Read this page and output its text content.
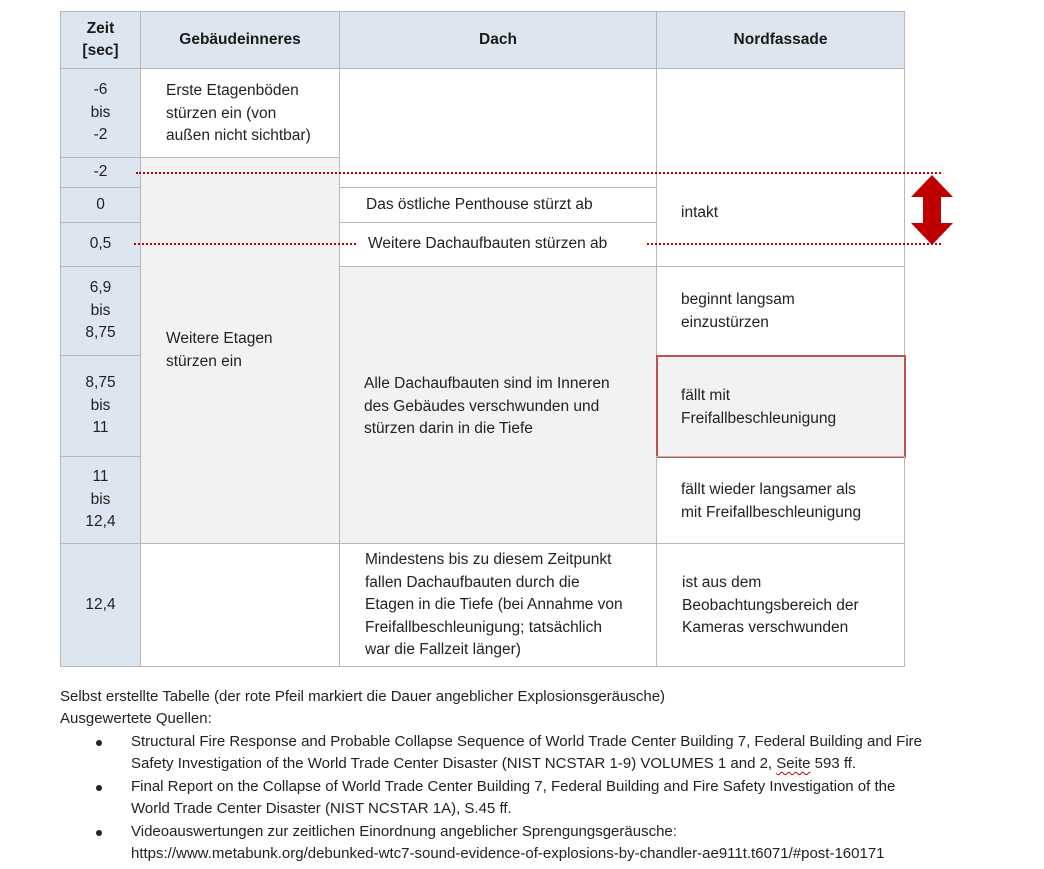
Zeit
[sec]
Gebäudeinneres	Dach	Nordfassade
-6
bis
-2
-2
0
0,5
6,9
bis
8,75
8,75
bis
11
11
bis
12,4
12,4
Erste Etagenböden
stürzen ein (von
außen nicht sichtbar)
Weitere Etagen
stürzen ein
Das östliche Penthouse stürzt ab
Alle Dachaufbauten sind im Inneren
des Gebäudes verschwunden und
stürzen darin in die Tiefe
Mindestens bis zu diesem Zeitpunkt
fallen Dachaufbauten durch die
Etagen in die Tiefe (bei Annahme von
Freifallbeschleunigung; tatsächlich
war die Fallzeit länger)
intakt
beginnt langsam
einzustürzen
fällt mit
Freifallbeschleunigung
fällt wieder langsamer als
mit Freifallbeschleunigung
ist aus dem
Beobachtungsbereich der
Kameras verschwunden
Weitere Dachaufbauten stürzen ab
Selbst erstellte Tabelle (der rote Pfeil markiert die Dauer angeblicher Explosionsgeräusche)
Ausgewertete Quellen:
Structural Fire Response and Probable Collapse Sequence of World Trade Center Building 7, Federal Building and Fire
Safety Investigation of the World Trade Center Disaster (NIST NCSTAR 1-9) VOLUMES 1 and 2, Seite 593 ff.
Final Report on the Collapse of World Trade Center Building 7, Federal Building and Fire Safety Investigation of the
World Trade Center Disaster (NIST NCSTAR 1A), S.45 ff.
Videoauswertungen zur zeitlichen Einordnung angeblicher Sprengungsgeräusche:
https://www.metabunk.org/debunked-wtc7-sound-evidence-of-explosions-by-chandler-ae911t.t6071/#post-160171
